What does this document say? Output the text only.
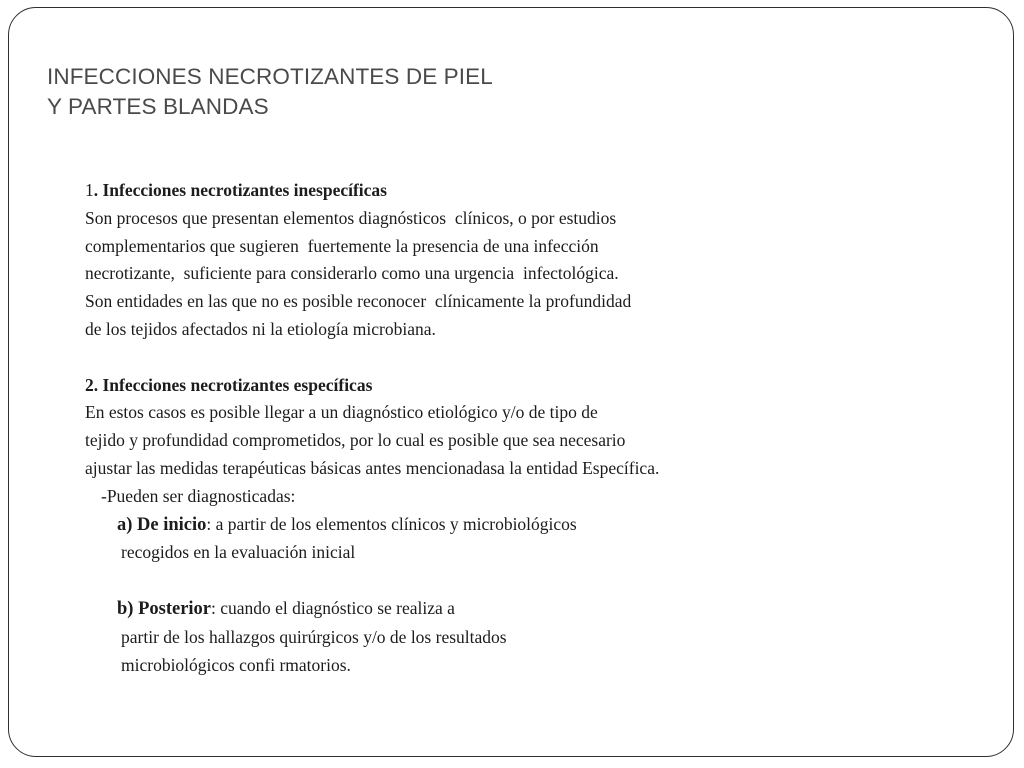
INFECCIONES NECROTIZANTES DE PIEL
Y PARTES BLANDAS
1. Infecciones necrotizantes inespecíficas
Son procesos que presentan elementos diagnósticos  clínicos, o por estudios
complementarios que sugieren  fuertemente la presencia de una infección
necrotizante,  suficiente para considerarlo como una urgencia  infectológica.
Son entidades en las que no es posible reconocer  clínicamente la profundidad
de los tejidos afectados ni la etiología microbiana.
2. Infecciones necrotizantes específicas
En estos casos es posible llegar a un diagnóstico etiológico y/o de tipo de
tejido y profundidad comprometidos, por lo cual es posible que sea necesario
ajustar las medidas terapéuticas básicas antes mencionadasa la entidad Específica.
-Pueden ser diagnosticadas:
a) De inicio: a partir de los elementos clínicos y microbiológicos
recogidos en la evaluación inicial
b) Posterior: cuando el diagnóstico se realiza a
partir de los hallazgos quirúrgicos y/o de los resultados
microbiológicos confi rmatorios.
